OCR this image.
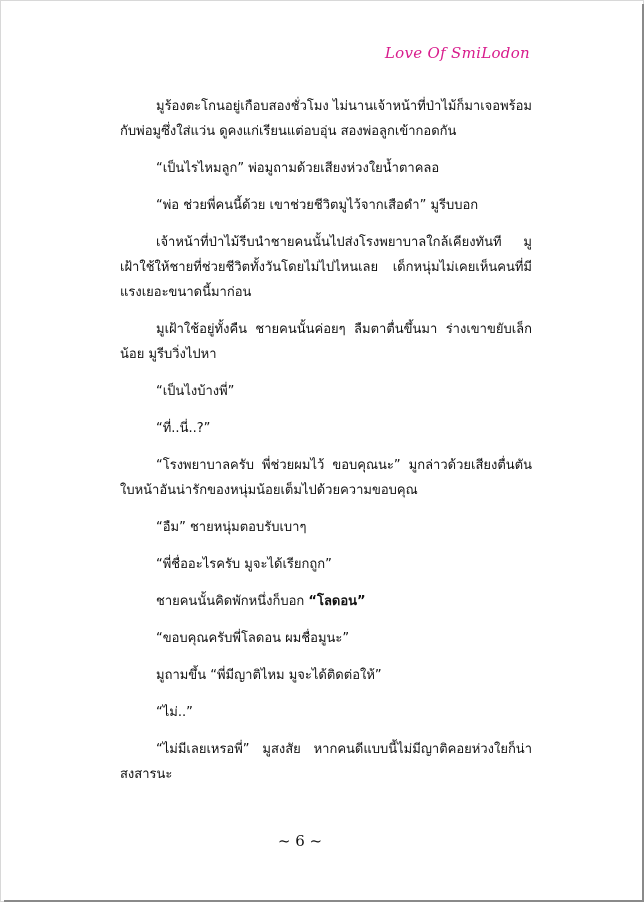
Love Of SmiLodon

มูร้องตะโกนอยู่เกือบสองชั่วโมง ไม่นานเจ้าหน้าที่ป่าไม้ก็มาเจอพร้อมกับพ่อมูซึ่งใส่แว่น ดูคงแก่เรียนแต่อบอุ่น สองพ่อลูกเข้ากอดกัน

“เป็นไรไหมลูก” พ่อมูถามด้วยเสียงห่วงใยน้ำตาคลอ

“พ่อ ช่วยพี่คนนี้ด้วย เขาช่วยชีวิตมูไว้จากเสือดำ” มูรีบบอก

เจ้าหน้าที่ป่าไม้รีบนำชายคนนั้นไปส่งโรงพยาบาลใกล้เคียงทันที มูเฝ้าใช้ให้ชายที่ช่วยชีวิตทั้งวันโดยไม่ไปไหนเลย เด็กหนุ่มไม่เคยเห็นคนที่มีแรงเยอะขนาดนี้มาก่อน

มูเฝ้าใช้อยู่ทั้งคืน ชายคนนั้นค่อยๆ ลืมตาตื่นขึ้นมา ร่างเขาขยับเล็กน้อย มูรีบวิ่งไปหา

“เป็นไงบ้างพี่”

“ที่..นี่..?”

“โรงพยาบาลครับ พี่ช่วยผมไว้ ขอบคุณนะ” มูกล่าวด้วยเสียงตื่นตันใบหน้าอันน่ารักของหนุ่มน้อยเต็มไปด้วยความขอบคุณ

“อืม” ชายหนุ่มตอบรับเบาๆ

“พี่ชื่ออะไรครับ มูจะได้เรียกถูก”

ชายคนนั้นคิดพักหนึ่งก็บอก “โลดอน”

“ขอบคุณครับพี่โลดอน ผมชื่อมูนะ”

มูถามขึ้น “พี่มีญาติไหม มูจะได้ติดต่อให้”

“ไม่..”

“ไม่มีเลยเหรอพี่” มูสงสัย หากคนดีแบบนี้ไม่มีญาติคอยห่วงใยก็น่าสงสารนะ

~ 6 ~
